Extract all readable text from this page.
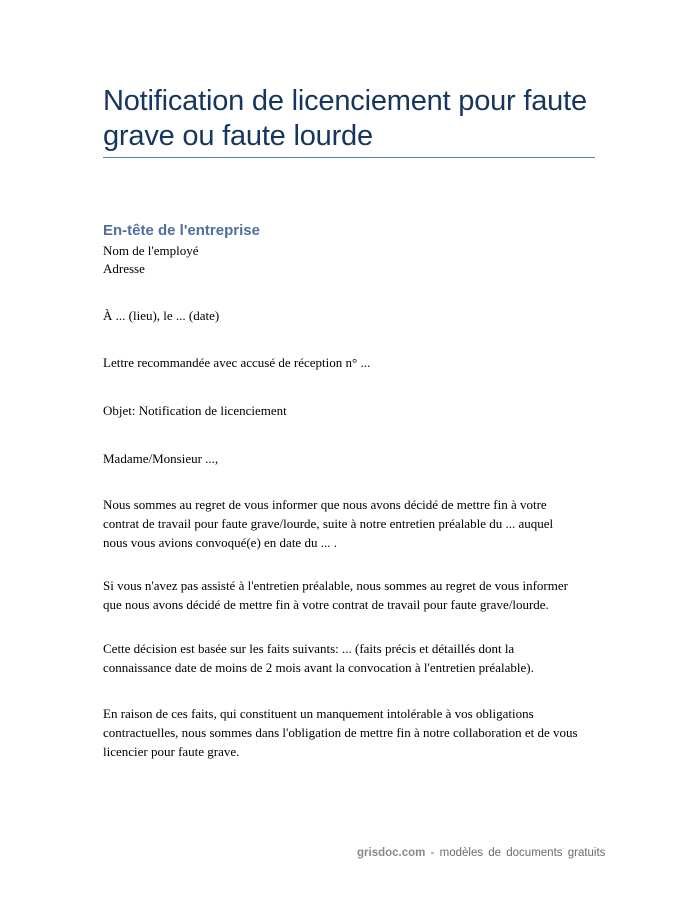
Notification de licenciement pour faute
grave ou faute lourde
En-tête de l'entreprise

Nom de l'employé

Adresse

À ... (lieu), le ... (date)

Lettre recommandée avec accusé de réception n° ...

Objet: Notification de licenciement

Madame/Monsieur ...,

Nous sommes au regret de vous informer que nous avons décidé de mettre fin à votre
contrat de travail pour faute grave/lourde, suite à notre entretien préalable du ... auquel
nous vous avions convoqué(e) en date du ... .
Si vous n'avez pas assisté à l'entretien préalable, nous sommes au regret de vous informer
que nous avons décidé de mettre fin à votre contrat de travail pour faute grave/lourde.
Cette décision est basée sur les faits suivants: ... (faits précis et détaillés dont la
connaissance date de moins de 2 mois avant la convocation à l'entretien préalable).
En raison de ces faits, qui constituent un manquement intolérable à vos obligations
contractuelles, nous sommes dans l'obligation de mettre fin à notre collaboration et de vous
licencier pour faute grave.
grisdoc.com - modèles de documents gratuits
